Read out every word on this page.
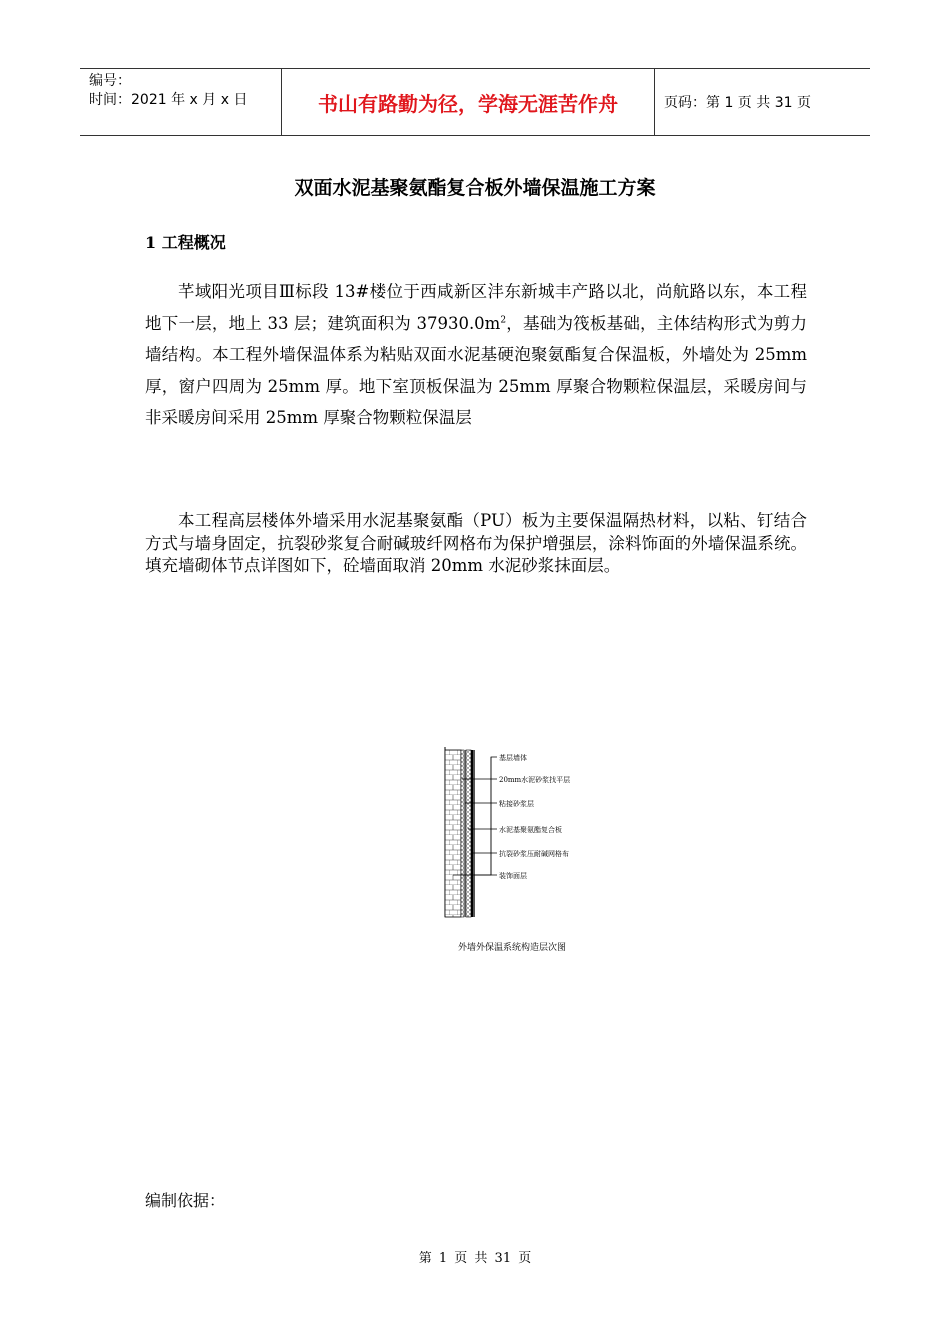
编号：
时间：2021 年 x 月 x 日	书山有路勤为径，学海无涯苦作舟	页码：第 1 页 共 31 页
双面水泥基聚氨酯复合板外墙保温施工方案
1 工程概况

芊域阳光项目Ⅲ标段 13#楼位于西咸新区沣东新城丰产路以北，尚航路以东，本工程地下一层，地上 33 层；建筑面积为 $37930.0m^2$，基础为筏板基础，主体结构形式为剪力墙结构。本工程外墙保温体系为粘贴双面水泥基硬泡聚氨酯复合保温板，外墙处为 25mm 厚，窗户四周为 25mm 厚。地下室顶板保温为 25mm 厚聚合物颗粒保温层，采暖房间与非采暖房间采用 25mm 厚聚合物颗粒保温层

本工程高层楼体外墙采用水泥基聚氨酯（PU）板为主要保温隔热材料，以粘、钉结合方式与墙身固定，抗裂砂浆复合耐碱玻纤网格布为保护增强层，涂料饰面的外墙保温系统。填充墙砌体节点详图如下，砼墙面取消 20mm 水泥砂浆抹面层。

基层墙体
20mm水泥砂浆找平层
粘接砂浆层
水泥基聚氨酯复合板
抗裂砂浆压耐碱网格布
装饰面层
外墙外保温系统构造层次图
编制依据：
第 1 页 共 31 页
